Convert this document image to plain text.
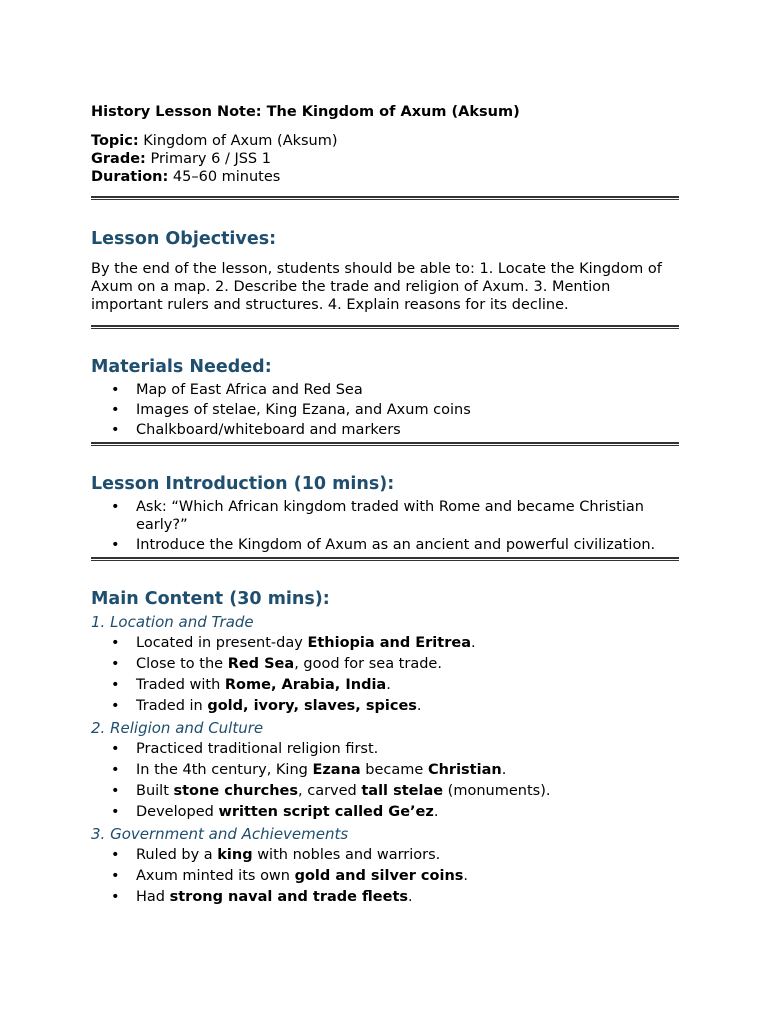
History Lesson Note: The Kingdom of Axum (Aksum)

Topic: Kingdom of Axum (Aksum)

Grade: Primary 6 / JSS 1

Duration: 45–60 minutes

Lesson Objectives:

By the end of the lesson, students should be able to: 1. Locate the Kingdom of Axum on a map. 2. Describe the trade and religion of Axum. 3. Mention important rulers and structures. 4. Explain reasons for its decline.

Materials Needed:
• Map of East Africa and Red Sea
• Images of stelae, King Ezana, and Axum coins
• Chalkboard/whiteboard and markers
Lesson Introduction (10 mins):
• Ask: “Which African kingdom traded with Rome and became Christian early?”
• Introduce the Kingdom of Axum as an ancient and powerful civilization.
Main Content (30 mins):
1. Location and Trade
• Located in present-day Ethiopia and Eritrea.
• Close to the Red Sea, good for sea trade.
• Traded with Rome, Arabia, India.
• Traded in gold, ivory, slaves, spices.
2. Religion and Culture
• Practiced traditional religion first.
• In the 4th century, King Ezana became Christian.
• Built stone churches, carved tall stelae (monuments).
• Developed written script called Ge’ez.
3. Government and Achievements
• Ruled by a king with nobles and warriors.
• Axum minted its own gold and silver coins.
• Had strong naval and trade fleets.
